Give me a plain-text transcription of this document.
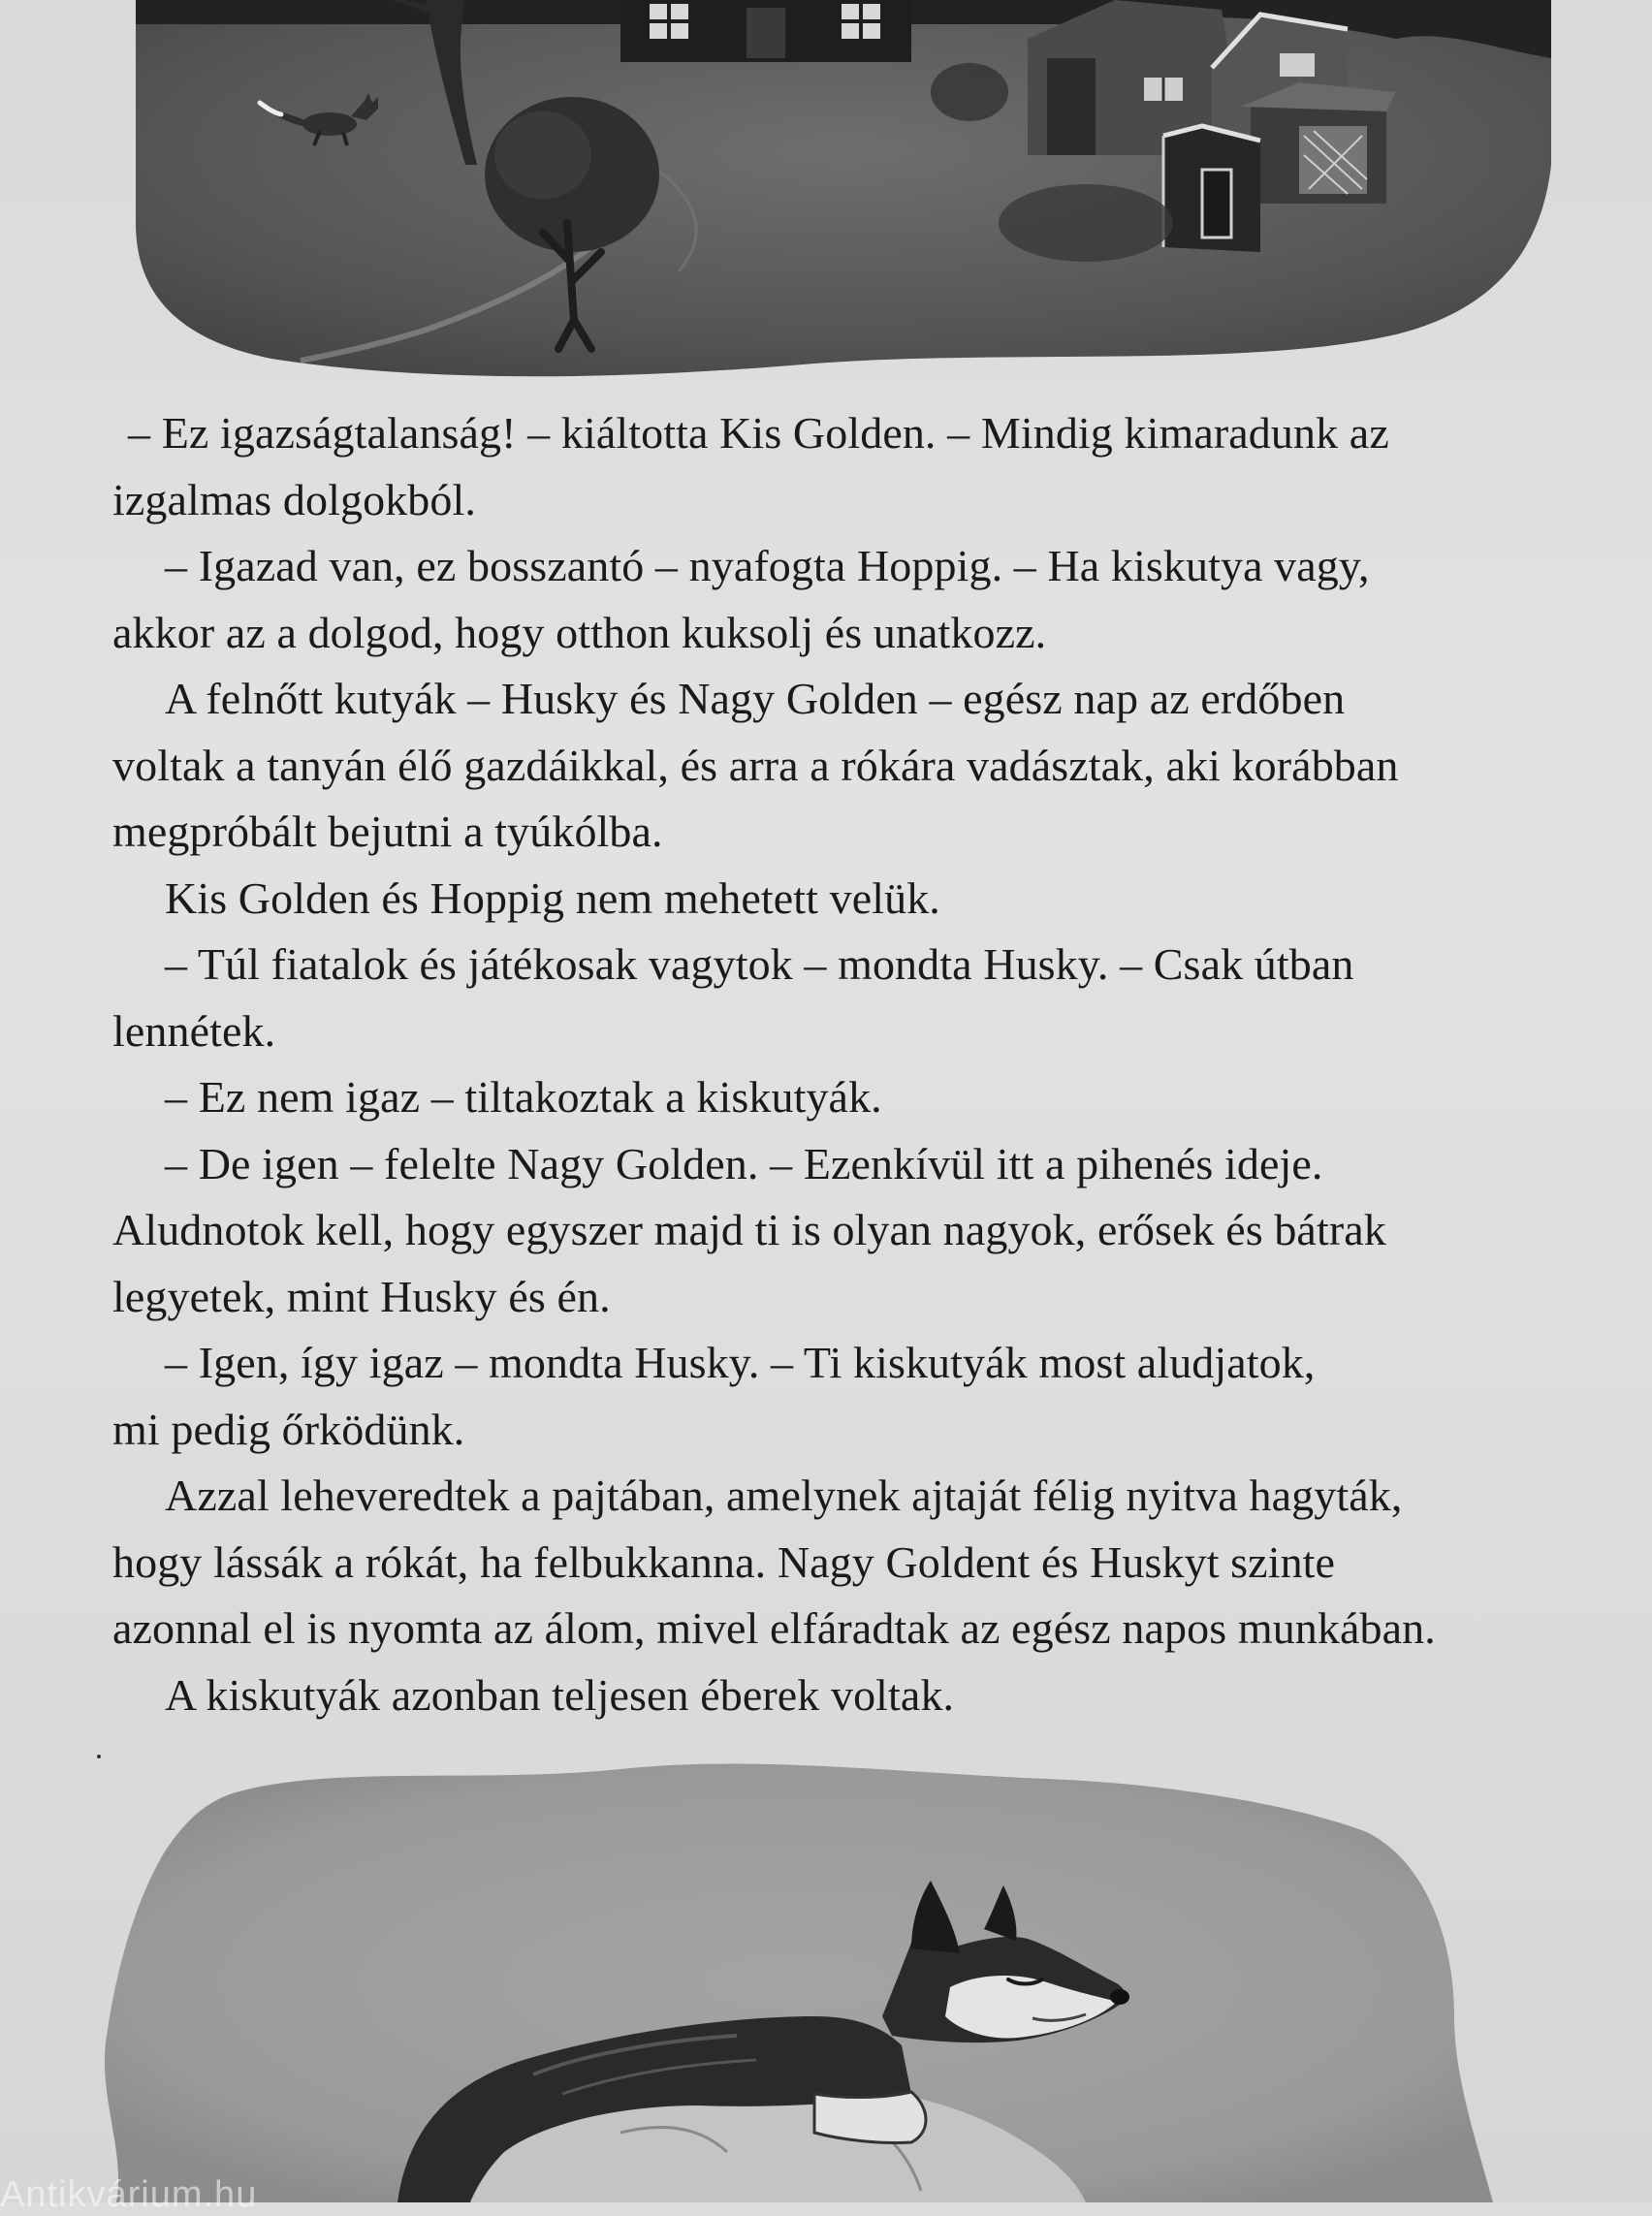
– Ez igazságtalanság! – kiáltotta Kis Golden. – Mindig kimaradunk az
izgalmas dolgokból.
– Igazad van, ez bosszantó – nyafogta Hoppig. – Ha kiskutya vagy,
akkor az a dolgod, hogy otthon kuksolj és unatkozz.
A felnőtt kutyák – Husky és Nagy Golden – egész nap az erdőben
voltak a tanyán élő gazdáikkal, és arra a rókára vadásztak, aki korábban
megpróbált bejutni a tyúkólba.
Kis Golden és Hoppig nem mehetett velük.
– Túl fiatalok és játékosak vagytok – mondta Husky. – Csak útban
lennétek.
– Ez nem igaz – tiltakoztak a kiskutyák.
– De igen – felelte Nagy Golden. – Ezenkívül itt a pihenés ideje.
Aludnotok kell, hogy egyszer majd ti is olyan nagyok, erősek és bátrak
legyetek, mint Husky és én.
– Igen, így igaz – mondta Husky. – Ti kiskutyák most aludjatok,
mi pedig őrködünk.
Azzal leheveredtek a pajtában, amelynek ajtaját félig nyitva hagyták,
hogy lássák a rókát, ha felbukkanna. Nagy Goldent és Huskyt szinte
azonnal el is nyomta az álom, mivel elfáradtak az egész napos munkában.
A kiskutyák azonban teljesen éberek voltak.
Antikvárium.hu
